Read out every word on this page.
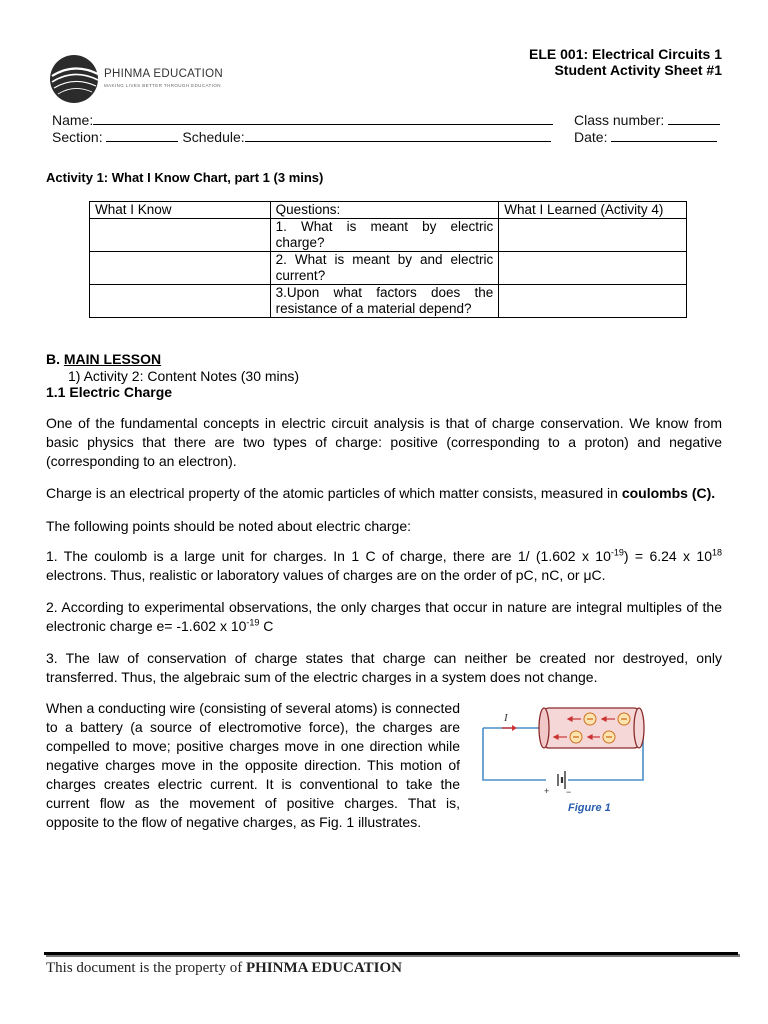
ELE 001: Electrical Circuits 1
Student Activity Sheet #1
PHINMA EDUCATION
MAKING LIVES BETTER THROUGH EDUCATION
Name:	Class number:
Section:	Schedule:	Date:
Activity 1: What I Know Chart, part 1 (3 mins)
What I Know	Questions:	What I Learned (Activity 4)
	1. What is meant by electric charge?	
	2. What is meant by and electric current?	
	3.Upon what factors does the resistance of a material depend?	
B. MAIN LESSON
1) Activity 2: Content Notes (30 mins)
1.1 Electric Charge
One of the fundamental concepts in electric circuit analysis is that of charge conservation. We know from basic physics that there are two types of charge: positive (corresponding to a proton) and negative (corresponding to an electron).
Charge is an electrical property of the atomic particles of which matter consists, measured in coulombs (C).
The following points should be noted about electric charge:
1. The coulomb is a large unit for charges. In 1 C of charge, there are 1/ (1.602 x $10^{-19}) = 6.24$ x $10^{18}$ electrons. Thus, realistic or laboratory values of charges are on the order of pC, nC, or μC.
2. According to experimental observations, the only charges that occur in nature are integral multiples of the electronic charge e= -1.602 x $10^{-19}$ C
3. The law of conservation of charge states that charge can neither be created nor destroyed, only transferred. Thus, the algebraic sum of the electric charges in a system does not change.
When a conducting wire (consisting of several atoms) is connected to a battery (a source of electromotive force), the charges are compelled to move; positive charges move in one direction while negative charges move in the opposite direction. This motion of charges creates electric current. It is conventional to take the current flow as the movement of positive charges. That is, opposite to the flow of negative charges, as Fig. 1 illustrates.
I
+ −
Figure 1
This document is the property of PHINMA EDUCATION
